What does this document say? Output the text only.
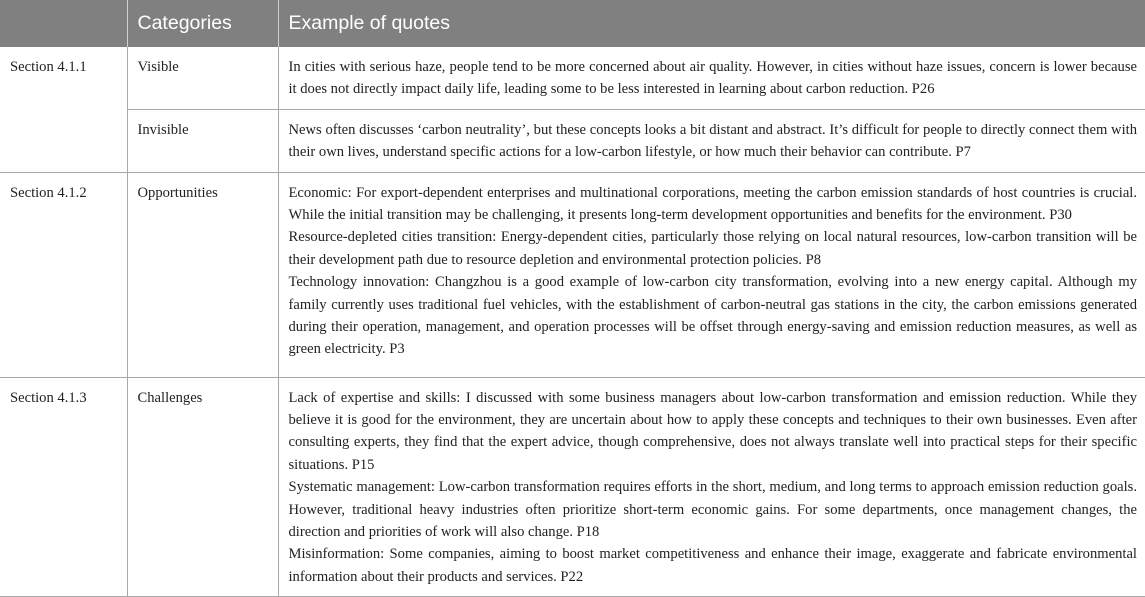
	Categories	Example of quotes
Section 4.1.1	Visible	In cities with serious haze, people tend to be more concerned about air quality. However, in cities without haze issues, concern is lower because it does not directly impact daily life, leading some to be less interested in learning about carbon reduction. P26

	Invisible	News often discusses ‘carbon neutrality’, but these concepts looks a bit distant and abstract. It’s difficult for people to directly connect them with their own lives, understand specific actions for a low-carbon lifestyle, or how much their behavior can contribute. P7

Section 4.1.2	Opportunities	Economic: For export-dependent enterprises and multinational corporations, meeting the carbon emission standards of host countries is crucial. While the initial transition may be challenging, it presents long-term development opportunities and benefits for the environment. P30
Resource-depleted cities transition: Energy-dependent cities, particularly those relying on local natural resources, low-carbon transition will be their development path due to resource depletion and environmental protection policies. P8
Technology innovation: Changzhou is a good example of low-carbon city transformation, evolving into a new energy capital. Although my family currently uses traditional fuel vehicles, with the establishment of carbon-neutral gas stations in the city, the carbon emissions generated during their operation, management, and operation processes will be offset through energy-saving and emission reduction measures, as well as green electricity. P3

Section 4.1.3	Challenges	Lack of expertise and skills: I discussed with some business managers about low-carbon transformation and emission reduction. While they believe it is good for the environment, they are uncertain about how to apply these concepts and techniques to their own businesses. Even after consulting experts, they find that the expert advice, though comprehensive, does not always translate well into practical steps for their specific situations. P15
Systematic management: Low-carbon transformation requires efforts in the short, medium, and long terms to approach emission reduction goals. However, traditional heavy industries often prioritize short-term economic gains. For some departments, once management changes, the direction and priorities of work will also change. P18
Misinformation: Some companies, aiming to boost market competitiveness and enhance their image, exaggerate and fabricate environmental information about their products and services. P22
